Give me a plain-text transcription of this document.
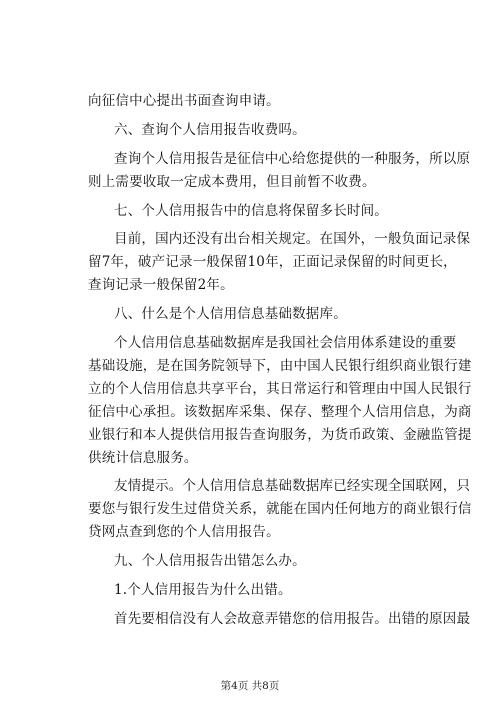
向征信中心提出书面查询申请。
六、查询个人信用报告收费吗。
查询个人信用报告是征信中心给您提供的一种服务，所以原
则上需要收取一定成本费用，但目前暂不收费。
七、个人信用报告中的信息将保留多长时间。
目前，国内还没有出台相关规定。在国外，一般负面记录保
留7年，破产记录一般保留10年，正面记录保留的时间更长，
查询记录一般保留2年。
八、什么是个人信用信息基础数据库。
个人信用信息基础数据库是我国社会信用体系建设的重要
基础设施，是在国务院领导下，由中国人民银行组织商业银行建
立的个人信用信息共享平台，其日常运行和管理由中国人民银行
征信中心承担。该数据库采集、保存、整理个人信用信息，为商
业银行和本人提供信用报告查询服务，为货币政策、金融监管提
供统计信息服务。
友情提示。个人信用信息基础数据库已经实现全国联网，只
要您与银行发生过借贷关系，就能在国内任何地方的商业银行信
贷网点查到您的个人信用报告。
九、个人信用报告出错怎么办。
1.个人信用报告为什么出错。
首先要相信没有人会故意弄错您的信用报告。出错的原因最
第4页 共8页
